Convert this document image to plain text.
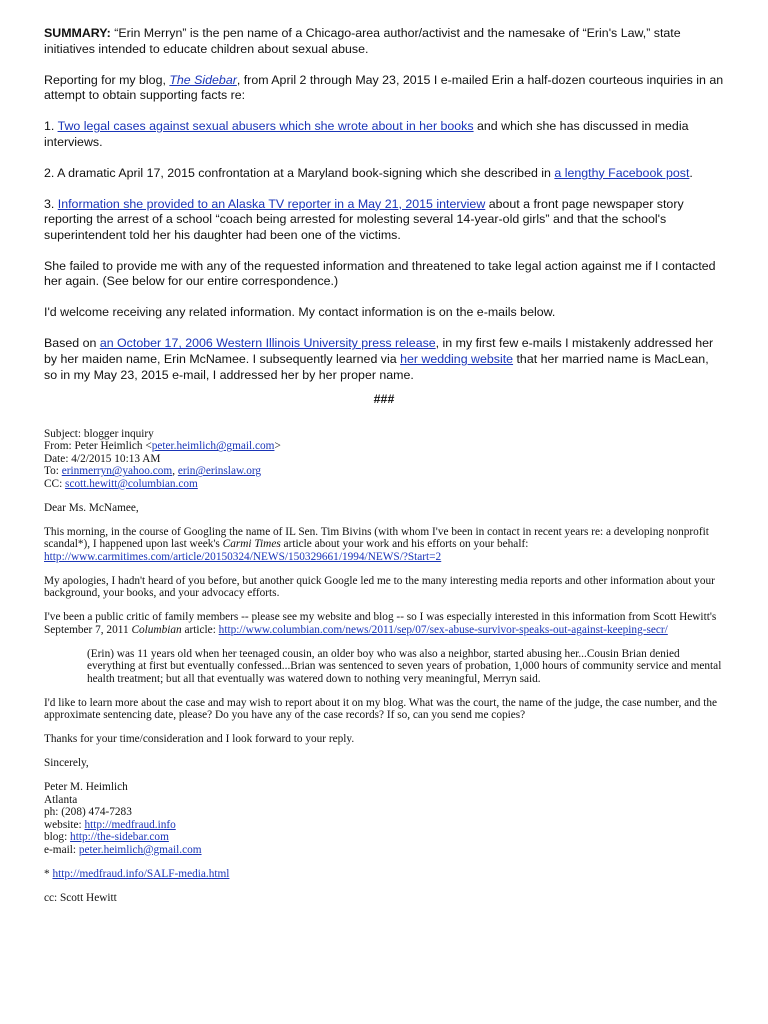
SUMMARY: “Erin Merryn” is the pen name of a Chicago-area author/activist and the namesake of “Erin's Law,” state initiatives intended to educate children about sexual abuse.

Reporting for my blog, The Sidebar, from April 2 through May 23, 2015 I e-mailed Erin a half-dozen courteous inquiries in an attempt to obtain supporting facts re:

1. Two legal cases against sexual abusers which she wrote about in her books and which she has discussed in media interviews.

2. A dramatic April 17, 2015 confrontation at a Maryland book-signing which she described in a lengthy Facebook post.

3. Information she provided to an Alaska TV reporter in a May 21, 2015 interview about a front page newspaper story reporting the arrest of a school “coach being arrested for molesting several 14-year-old girls” and that the school's superintendent told her his daughter had been one of the victims.

She failed to provide me with any of the requested information and threatened to take legal action against me if I contacted her again. (See below for our entire correspondence.)

I'd welcome receiving any related information. My contact information is on the e-mails below.

Based on an October 17, 2006 Western Illinois University press release, in my first few e-mails I mistakenly addressed her by her maiden name, Erin McNamee. I subsequently learned via her wedding website that her married name is MacLean, so in my May 23, 2015 e-mail, I addressed her by her proper name.

###
Subject: blogger inquiry
From: Peter Heimlich <peter.heimlich@gmail.com>
Date: 4/2/2015 10:13 AM
To: erinmerryn@yahoo.com, erin@erinslaw.org
CC: scott.hewitt@columbian.com

Dear Ms. McNamee,

This morning, in the course of Googling the name of IL Sen. Tim Bivins (with whom I've been in contact in recent years re: a developing nonprofit scandal*), I happened upon last week's Carmi Times article about your work and his efforts on your behalf: http://www.carmitimes.com/article/20150324/NEWS/150329661/1994/NEWS/?Start=2

My apologies, I hadn't heard of you before, but another quick Google led me to the many interesting media reports and other information about your background, your books, and your advocacy efforts.

I've been a public critic of family members -- please see my website and blog -- so I was especially interested in this information from Scott Hewitt's September 7, 2011 Columbian article: http://www.columbian.com/news/2011/sep/07/sex-abuse-survivor-speaks-out-against-keeping-secr/

(Erin) was 11 years old when her teenaged cousin, an older boy who was also a neighbor, started abusing her...Cousin Brian denied everything at first but eventually confessed...Brian was sentenced to seven years of probation, 1,000 hours of community service and mental health treatment; but all that eventually was watered down to nothing very meaningful, Merryn said.

I'd like to learn more about the case and may wish to report about it on my blog. What was the court, the name of the judge, the case number, and the approximate sentencing date, please? Do you have any of the case records? If so, can you send me copies?

Thanks for your time/consideration and I look forward to your reply.

Sincerely,

Peter M. Heimlich
Atlanta
ph: (208) 474-7283
website: http://medfraud.info
blog: http://the-sidebar.com
e-mail: peter.heimlich@gmail.com

* http://medfraud.info/SALF-media.html

cc: Scott Hewitt
